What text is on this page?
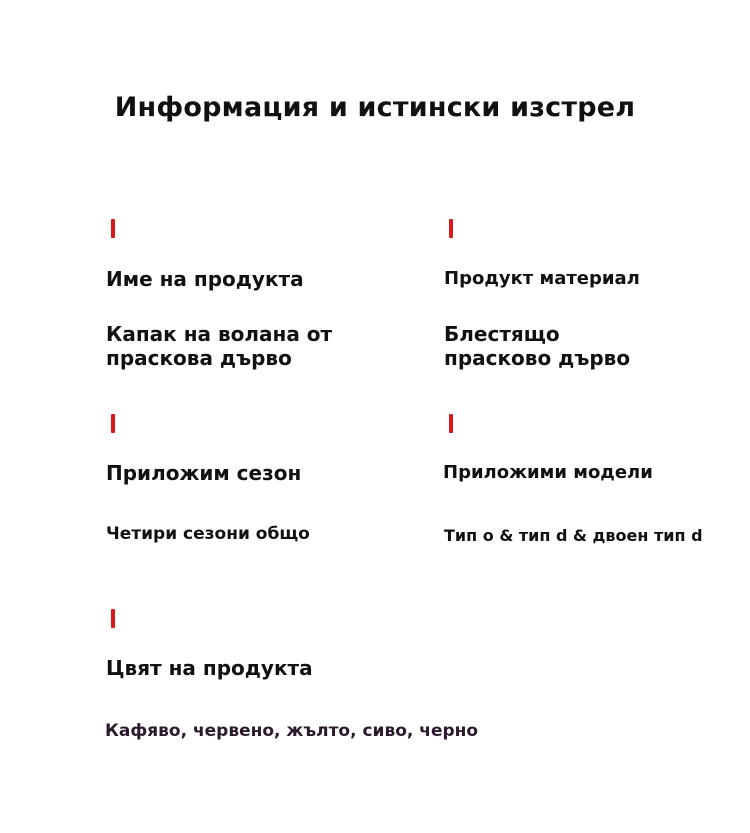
Информация и истински изстрел
Име на продукта
Капак на волана от
праскова дърво
Продукт материал
Блестящо
прасково дърво
Приложим сезон
Четири сезони общо
Приложими модели
Тип o & тип d & двоен тип d
Цвят на продукта
Кафяво, червено, жълто, сиво, черно
